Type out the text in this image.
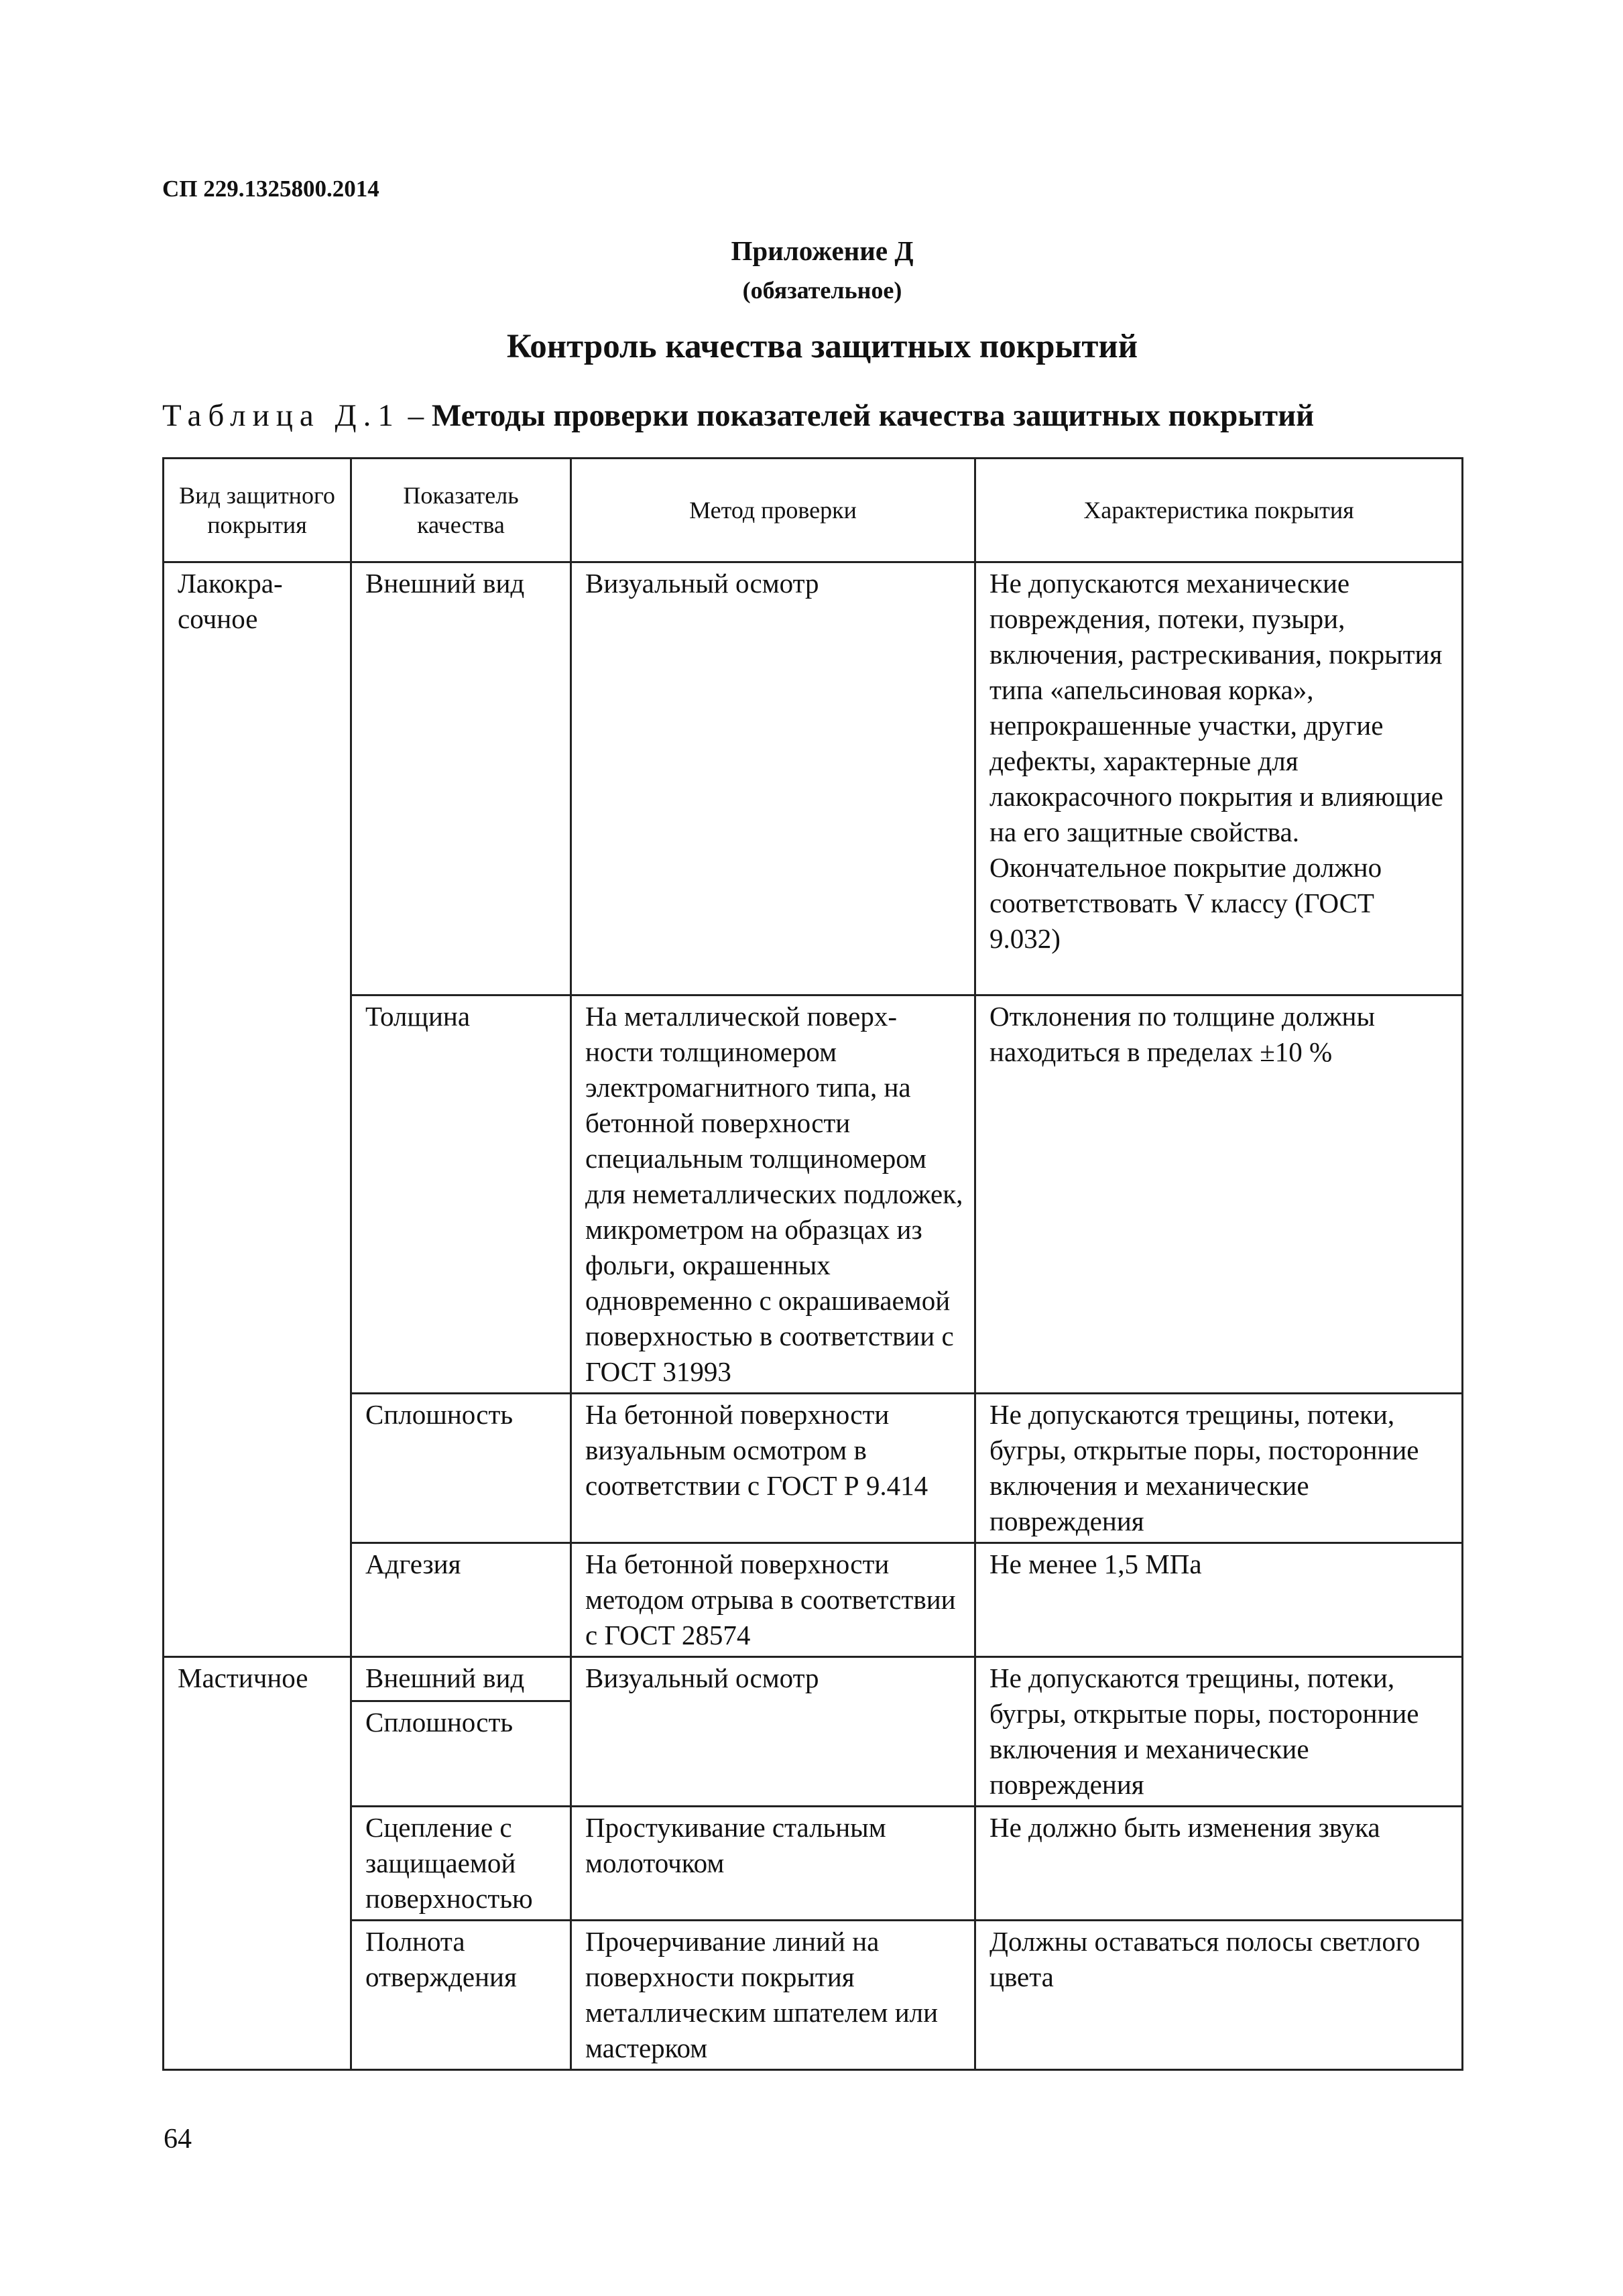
СП 229.1325800.2014
Приложение Д
(обязательное)
Контроль качества защитных покрытий
Таблица Д.1 – Методы проверки показателей качества защитных покрытий
Вид защитного покрытия	Показатель качества	Метод проверки	Характеристика покрытия
Лакокра-
сочное	Внешний вид	Визуальный осмотр	Не допускаются механические повреждения, потеки, пузыри, включения, растрескивания, покрытия типа «апельсиновая корка», непрокрашенные участки, другие дефекты, характерные для лакокрасочного покрытия и влияющие на его защитные свойства. Окончательное покрытие должно соответствовать V классу (ГОСТ 9.032)
	Толщина	На металлической поверх-ности толщиномером электромагнитного типа, на бетонной поверхности специальным толщиномером для неметаллических подложек, микрометром на образцах из фольги, окрашенных одновременно с окрашиваемой поверхностью в соответствии с ГОСТ 31993	Отклонения по толщине должны находиться в пределах ±10 %
	Сплошность	На бетонной поверхности визуальным осмотром в соответствии с ГОСТ Р 9.414	Не допускаются трещины, потеки, бугры, открытые поры, посторонние включения и механические повреждения
	Адгезия	На бетонной поверхности методом отрыва в соответствии с ГОСТ 28574	Не менее 1,5 МПа
Мастичное	Внешний вид	Визуальный осмотр	Не допускаются трещины, потеки, бугры, открытые поры, посторонние включения и механические повреждения
	Сплошность		
	Сцепление с защищаемой поверхностью	Простукивание стальным молоточком	Не должно быть изменения звука
	Полнота отверждения	Прочерчивание линий на поверхности покрытия металлическим шпателем или мастерком	Должны оставаться полосы светлого цвета
64
